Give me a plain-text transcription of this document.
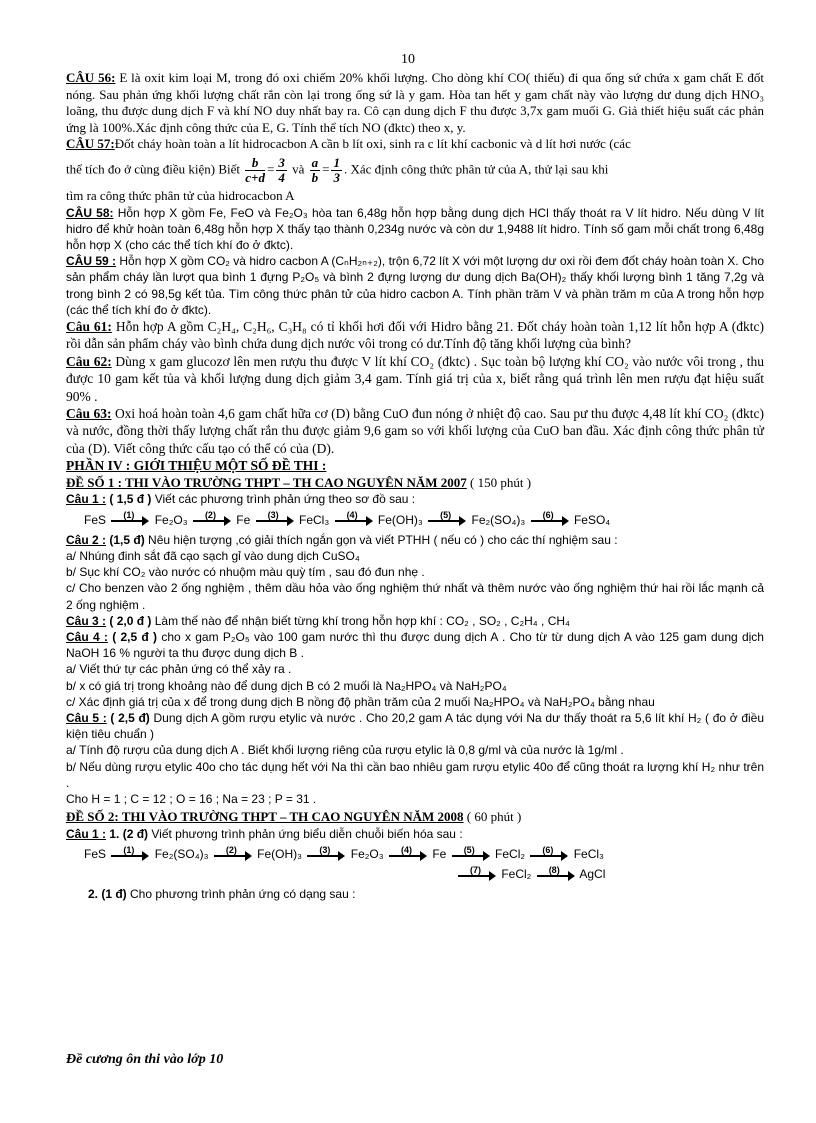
10

CÂU 56: E là oxit kim loại M, trong đó oxi chiếm 20% khối lượng. Cho dòng khí CO( thiếu) đi qua ống sứ chứa x gam chất E đốt nóng. Sau phản ứng khối lượng chất rắn còn lại trong ống sứ là y gam. Hòa tan hết y gam chất này vào lượng dư dung dịch HNO₃ loãng, thu được dung dịch F và khí NO duy nhất bay ra. Cô cạn dung dịch F thu được 3,7x gam muối G. Giả thiết hiệu suất các phản ứng là 100%.Xác định công thức của E, G. Tính thể tích NO (đktc) theo x, y.

CÂU 57:Đốt cháy hoàn toàn a lít hidrocacbon A cần b lít oxi, sinh ra c lít khí cacbonic và d lít hơi nước (các

thể tích đo ở cùng điều kiện) Biết $\frac{b}{c+d} = \frac{3}{4}$ và $\frac{a}{b} = \frac{1}{3}$ . Xác định công thức phân tử của A, thử lại sau khi

tìm ra công thức phân tử của hidrocacbon A

CÂU 58: Hỗn hợp X gồm Fe, FeO và Fe₂O₃ hòa tan 6,48g hỗn hợp bằng dung dịch HCl thấy thoát ra V lít hidro. Nếu dùng V lít hidro để khử hoàn toàn 6,48g hỗn hợp X thấy tạo thành 0,234g nước và còn dư 1,9488 lít hidro. Tính số gam mỗi chất trong 6,48g hỗn hợp X (cho các thể tích khí đo ở đktc).

CÂU 59 : Hỗn hợp X gồm CO₂ và hidro cacbon A (CₙH₂ₙ₊₂), trộn 6,72 lít X với một lượng dư oxi rồi đem đốt cháy hoàn toàn X. Cho sản phẩm cháy lần lượt qua bình 1 đựng P₂O₅ và bình 2 đựng lượng dư dung dịch Ba(OH)₂ thấy khối lượng bình 1 tăng 7,2g và trong bình 2 có 98,5g kết tủa. Tìm công thức phân tử của hidro cacbon A. Tính phần trăm V và phần trăm m của A trong hỗn hợp (các thể tích khí đo ở đktc).

Câu 61: Hỗn hợp A gồm C₂H₄, C₂H₆, C₃H₈ có tỉ khối hơi đối với Hidro bằng 21. Đốt cháy hoàn toàn 1,12 lít hỗn hợp A (đktc) rồi dẫn sản phẩm cháy vào bình chứa dung dịch nước vôi trong có dư.Tính độ tăng khối lượng của bình?

Câu 62: Dùng x gam glucozơ lên men rượu thu được V lít khí CO₂ (đktc) . Sục toàn bộ lượng khí CO₂ vào nước vôi trong , thu được 10 gam kết tủa và khối lượng dung dịch giảm 3,4 gam. Tính giá trị của x, biết rằng quá trình lên men rượu đạt hiệu suất 90% .

Câu 63: Oxi hoá hoàn toàn 4,6 gam chất hữa cơ (D) bằng CuO đun nóng ở nhiệt độ cao. Sau pư thu được 4,48 lít khí CO₂ (đktc) và nước, đồng thời thấy lượng chất rắn thu được giảm 9,6 gam so với khối lượng của CuO ban đầu. Xác định công thức phân tử của (D). Viết công thức cấu tạo có thể có của (D).

PHẦN IV : GIỚI THIỆU MỘT SỐ ĐỀ THI :
ĐỀ SỐ 1 : THI VÀO TRƯỜNG THPT – TH CAO NGUYÊN NĂM 2007 ( 150 phút )

Câu 1 : ( 1,5 đ ) Viết các phương trình phản ứng theo sơ đồ sau :

FeS (1) Fe₂O₃ (2) Fe (3) FeCl₃ (4) Fe(OH)₃ (5) Fe₂(SO₄)₃ (6) FeSO₄

Câu 2 : (1,5 đ) Nêu hiện tượng ,có giải thích ngắn gọn và viết PTHH ( nếu có ) cho các thí nghiệm sau :

a/ Nhúng đinh sắt đã cạo sạch gỉ vào dung dịch CuSO₄

b/ Sục khí CO₂ vào nước có nhuộm màu quỳ tím , sau đó đun nhẹ .

c/ Cho benzen vào 2 ống nghiệm , thêm dầu hỏa vào ống nghiệm thứ nhất và thêm nước vào ống nghiệm thứ hai rồi lắc mạnh cả 2 ống nghiệm .

Câu 3 : ( 2,0 đ ) Làm thế nào để nhận biết từng khí trong hỗn hợp khí : CO₂ , SO₂ , C₂H₄ , CH₄

Câu 4 : ( 2,5 đ ) cho x gam P₂O₅ vào 100 gam nước thì thu được dung dịch A . Cho từ từ dung dịch A vào 125 gam dung dịch NaOH 16 % người ta thu được dung dịch B .

a/ Viết thứ tự các phản ứng có thể xảy ra .

b/ x có giá trị trong khoảng nào để dung dịch B có 2 muối là Na₂HPO₄ và NaH₂PO₄

c/ Xác định giá trị của x để trong dung dịch B nồng độ phần trăm của 2 muối Na₂HPO₄ và NaH₂PO₄ bằng nhau

Câu 5 : ( 2,5 đ) Dung dịch A gồm rượu etylic và nước . Cho 20,2 gam A tác dụng với Na dư thấy thoát ra 5,6 lít khí H₂ ( đo ở điều kiện tiêu chuẩn )

a/ Tính độ rượu của dung dịch A . Biết khối lượng riêng của rượu etylic là 0,8 g/ml và của nước là 1g/ml .

b/ Nếu dùng rượu etylic 40o cho tác dụng hết với Na thì cần bao nhiêu gam rượu etylic 40o để cũng thoát ra lượng khí H₂ như trên .

Cho H = 1 ; C = 12 ; O = 16 ; Na = 23 ; P = 31 .

ĐỀ SỐ 2: THI VÀO TRƯỜNG THPT – TH CAO NGUYÊN NĂM 2008 ( 60 phút )

Câu 1 : 1. (2 đ) Viết phương trình phản ứng biểu diễn chuỗi biến hóa sau :

FeS (1) Fe₂(SO₄)₃ (2) Fe(OH)₃ (3) Fe₂O₃ (4) Fe (5) FeCl₂ (6) FeCl₃
(7) FeCl₂ (8) AgCl

2. (1 đ) Cho phương trình phản ứng có dạng sau :

Đề cương ôn thi vào lớp 10
